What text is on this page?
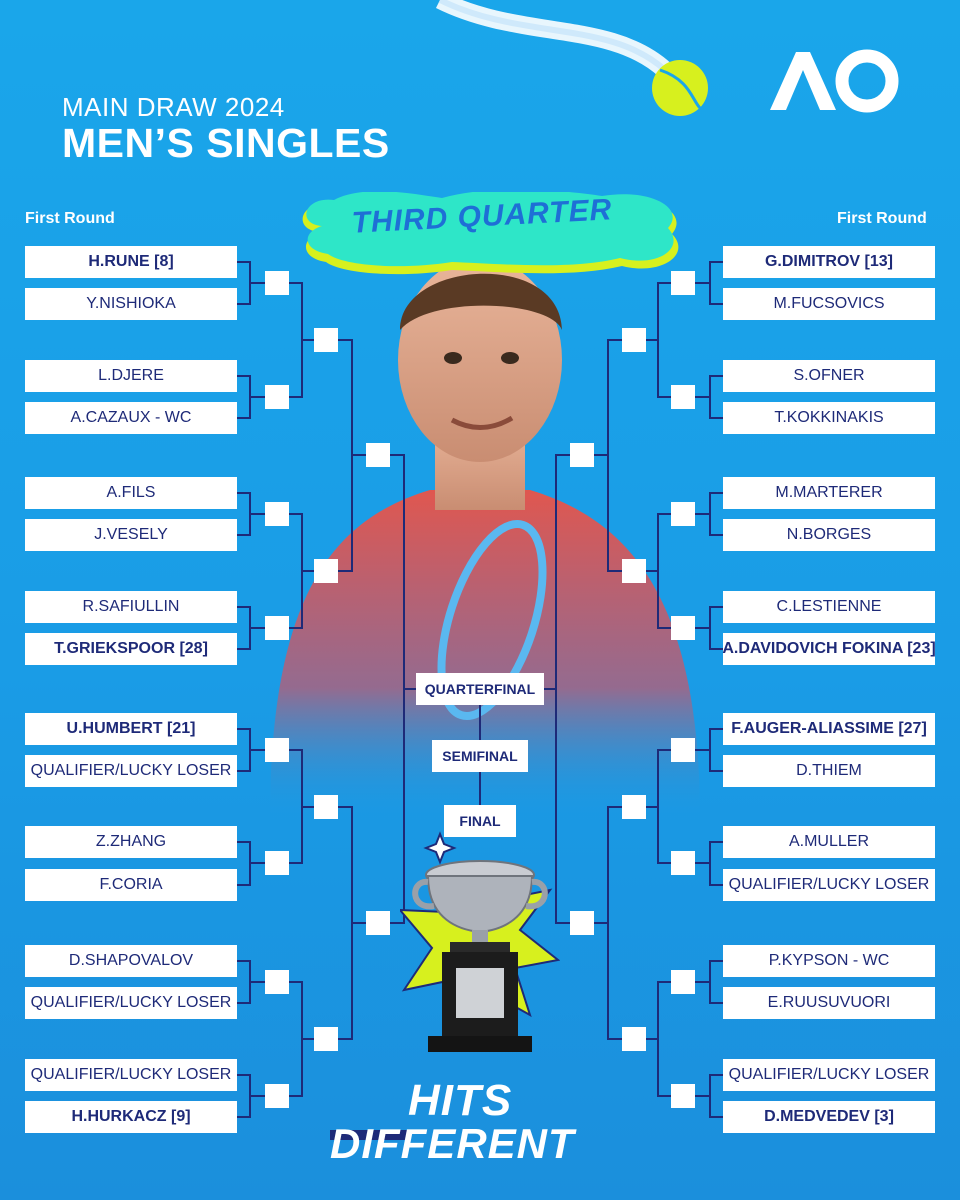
MAIN DRAW 2024
MEN’S SINGLES
THIRD QUARTER
First Round	First Round
H.RUNE [8]
Y.NISHIOKA
L.DJERE
A.CAZAUX - WC
A.FILS
J.VESELY
R.SAFIULLIN
T.GRIEKSPOOR [28]
U.HUMBERT [21]
QUALIFIER/LUCKY LOSER
Z.ZHANG
F.CORIA
D.SHAPOVALOV
QUALIFIER/LUCKY LOSER
QUALIFIER/LUCKY LOSER
H.HURKACZ [9]
G.DIMITROV [13]
M.FUCSOVICS
S.OFNER
T.KOKKINAKIS
M.MARTERER
N.BORGES
C.LESTIENNE
A.DAVIDOVICH FOKINA [23]
F.AUGER-ALIASSIME [27]
D.THIEM
A.MULLER
QUALIFIER/LUCKY LOSER
P.KYPSON - WC
E.RUUSUVUORI
QUALIFIER/LUCKY LOSER
D.MEDVEDEV [3]
QUARTERFINAL
SEMIFINAL
FINAL
HITS
DIFFERENT
